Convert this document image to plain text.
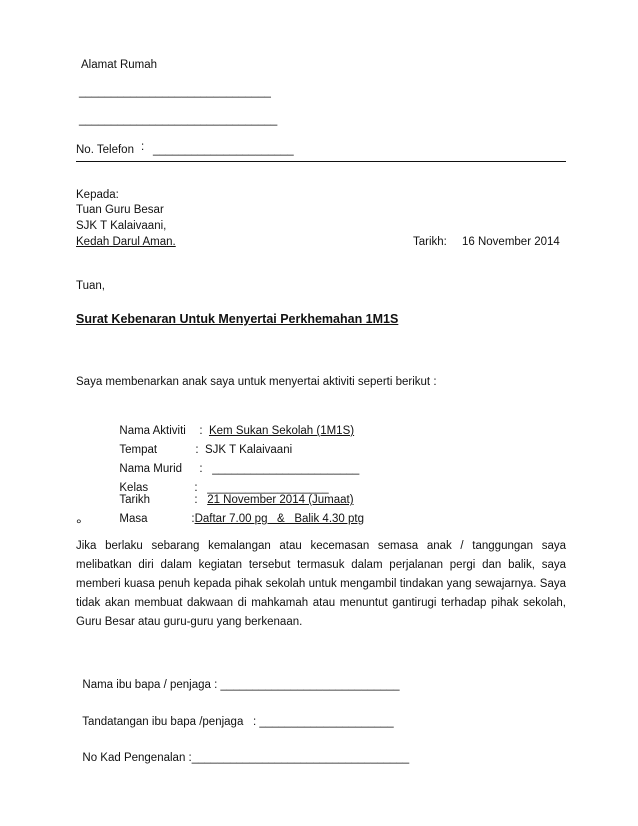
Alamat Rumah
______________________________
_______________________________
No. Telefon : ______________________
Kepada:
Tuan Guru Besar
SJK T Kalaivaani,
Kedah Darul Aman.	Tarikh: 16 November 2014
Tuan,
Surat Kebenaran Untuk Menyertai Perkhemahan 1M1S
Saya membenarkan anak saya untuk menyertai aktiviti seperti berikut :

Nama Aktiviti : Kem Sukan Sekolah (1M1S)

Tempat	: SJK T Kalaivaani

Nama Murid : _______________________

Kelas	: ___________________

Tarikh	: 21 November 2014 (Jumaat)

Masa	:Daftar 7.00 pg   &   Balik 4.30 ptg

°
Jika berlaku sebarang kemalangan atau kecemasan semasa anak / tanggungan saya melibatkan diri dalam kegiatan tersebut termasuk dalam perjalanan pergi dan balik, saya memberi kuasa penuh kepada pihak sekolah untuk mengambil tindakan yang sewajarnya. Saya tidak akan membuat dakwaan di mahkamah atau menuntut gantirugi terhadap pihak sekolah, Guru Besar atau guru-guru yang berkenaan.

Nama ibu bapa / penjaga : ____________________________

Tandatangan ibu bapa /penjaga : _____________________

No Kad Pengenalan :__________________________________
